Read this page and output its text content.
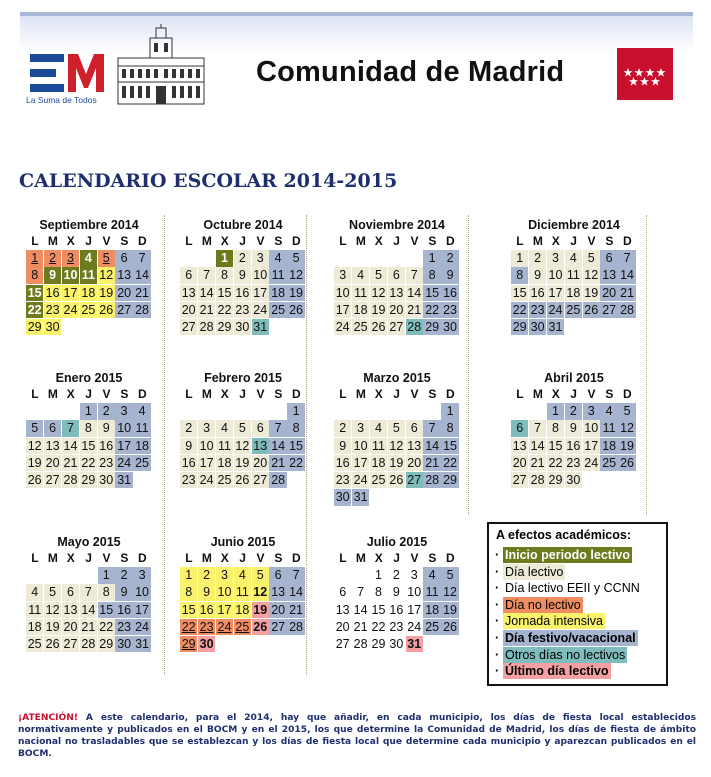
La Suma de Todos
Comunidad de Madrid
CALENDARIO ESCOLAR 2014-2015
Septiembre 2014
L M X J V S D
1 2 3 4 5 6 7
8 9 10 11 12 13 14
15 16 17 18 19 20 21
22 23 24 25 26 27 28
29 30
Octubre 2014
L M X J V S D
1 2 3 4 5
6 7 8 9 10 11 12
13 14 15 16 17 18 19
20 21 22 23 24 25 26
27 28 29 30 31
Noviembre 2014
L M X J V S D
1 2
3 4 5 6 7 8 9
10 11 12 13 14 15 16
17 18 19 20 21 22 23
24 25 26 27 28 29 30
Diciembre 2014
L M X J V S D
1 2 3 4 5 6 7
8 9 10 11 12 13 14
15 16 17 18 19 20 21
22 23 24 25 26 27 28
29 30 31
Enero 2015
L M X J V S D
1 2 3 4
5 6 7 8 9 10 11
12 13 14 15 16 17 18
19 20 21 22 23 24 25
26 27 28 29 30 31
Febrero 2015
L M X J V S D
1
2 3 4 5 6 7 8
9 10 11 12 13 14 15
16 17 18 19 20 21 22
23 24 25 26 27 28
Marzo 2015
L M X J V S D
1
2 3 4 5 6 7 8
9 10 11 12 13 14 15
16 17 18 19 20 21 22
23 24 25 26 27 28 29
30 31
Abril 2015
L M X J V S D
1 2 3 4 5
6 7 8 9 10 11 12
13 14 15 16 17 18 19
20 21 22 23 24 25 26
27 28 29 30
Mayo 2015
L M X J V S D
1 2 3
4 5 6 7 8 9 10
11 12 13 14 15 16 17
18 19 20 21 22 23 24
25 26 27 28 29 30 31
Junio 2015
L M X J V S D
1 2 3 4 5 6 7
8 9 10 11 12 13 14
15 16 17 18 19 20 21
22 23 24 25 26 27 28
29 30
Julio 2015
L M X J V S D
1 2 3 4 5
6 7 8 9 10 11 12
13 14 15 16 17 18 19
20 21 22 23 24 25 26
27 28 29 30 31
A efectos académicos:
· Inicio periodo lectivo
· Día lectivo
· Día lectivo EEII y CCNN
· Día no lectivo
· Jornada intensiva
· Día festivo/vacacional
· Otros días no lectivos
· Último día lectivo
¡ATENCIÓN! A este calendario, para el 2014, hay que añadir, en cada municipio, los días de fiesta local establecidos normativamente y publicados en el BOCM y en el 2015, los que determine la Comunidad de Madrid, los días de fiesta de ámbito nacional no trasladables que se establezcan y los días de fiesta local que determine cada municipio y aparezcan publicados en el BOCM.
